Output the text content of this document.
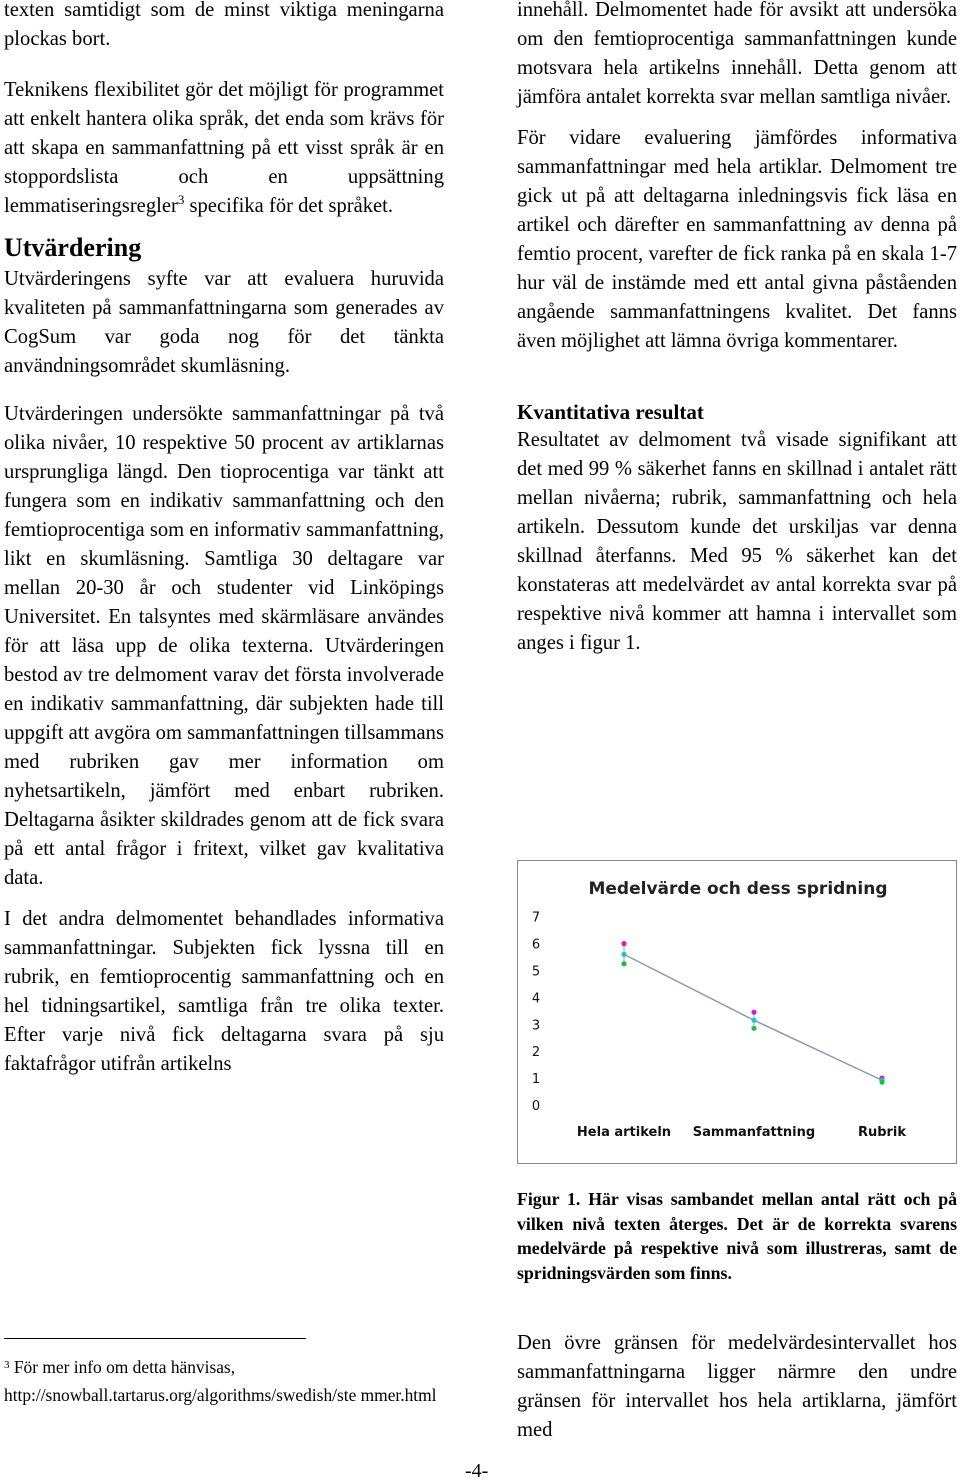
texten samtidigt som de minst viktiga meningarna plockas bort.

Teknikens flexibilitet gör det möjligt för programmet att enkelt hantera olika språk, det enda som krävs för att skapa en sammanfattning på ett visst språk är en stoppordslista och en uppsättning lemmatiseringsregler$^3$ specifika för det språket.

Utvärdering

Utvärderingens syfte var att evaluera huruvida kvaliteten på sammanfattningarna som generades av CogSum var goda nog för det tänkta användningsområdet skumläsning.

Utvärderingen undersökte sammanfattningar på två olika nivåer, 10 respektive 50 procent av artiklarnas ursprungliga längd. Den tioprocentiga var tänkt att fungera som en indikativ sammanfattning och den femtioprocentiga som en informativ sammanfattning, likt en skumläsning. Samtliga 30 deltagare var mellan 20-30 år och studenter vid Linköpings Universitet. En talsyntes med skärmläsare användes för att läsa upp de olika texterna. Utvärderingen bestod av tre delmoment varav det första involverade en indikativ sammanfattning, där subjekten hade till uppgift att avgöra om sammanfattningen tillsammans med rubriken gav mer information om nyhetsartikeln, jämfört med enbart rubriken. Deltagarna åsikter skildrades genom att de fick svara på ett antal frågor i fritext, vilket gav kvalitativa data.

I det andra delmomentet behandlades informativa sammanfattningar. Subjekten fick lyssna till en rubrik, en femtioprocentig sammanfattning och en hel tidningsartikel, samtliga från tre olika texter. Efter varje nivå fick deltagarna svara på sju faktafrågor utifrån artikelns

$^3$ För mer info om detta hänvisas, http://snowball.tartarus.org/algorithms/swedish/ste mmer.html

innehåll. Delmomentet hade för avsikt att undersöka om den femtioprocentiga sammanfattningen kunde motsvara hela artikelns innehåll. Detta genom att jämföra antalet korrekta svar mellan samtliga nivåer.

För vidare evaluering jämfördes informativa sammanfattningar med hela artiklar. Delmoment tre gick ut på att deltagarna inledningsvis fick läsa en artikel och därefter en sammanfattning av denna på femtio procent, varefter de fick ranka på en skala 1-7 hur väl de instämde med ett antal givna påståenden angående sammanfattningens kvalitet. Det fanns även möjlighet att lämna övriga kommentarer.

Kvantitativa resultat

Resultatet av delmoment två visade signifikant att det med 99 % säkerhet fanns en skillnad i antalet rätt mellan nivåerna; rubrik, sammanfattning och hela artikeln. Dessutom kunde det urskiljas var denna skillnad återfanns. Med 95 % säkerhet kan det konstateras att medelvärdet av antal korrekta svar på respektive nivå kommer att hamna i intervallet som anges i figur 1.

Medelvärde och dess spridning
0
1
2
3
4
5
6
7
Hela artikeln Sammanfattning	Rubrik

Figur 1. Här visas sambandet mellan antal rätt och på vilken nivå texten återges. Det är de korrekta svarens medelvärde på respektive nivå som illustreras, samt de spridningsvärden som finns.

Den övre gränsen för medelvärdesintervallet hos sammanfattningarna ligger närmre den undre gränsen för intervallet hos hela artiklarna, jämfört med

-4-
